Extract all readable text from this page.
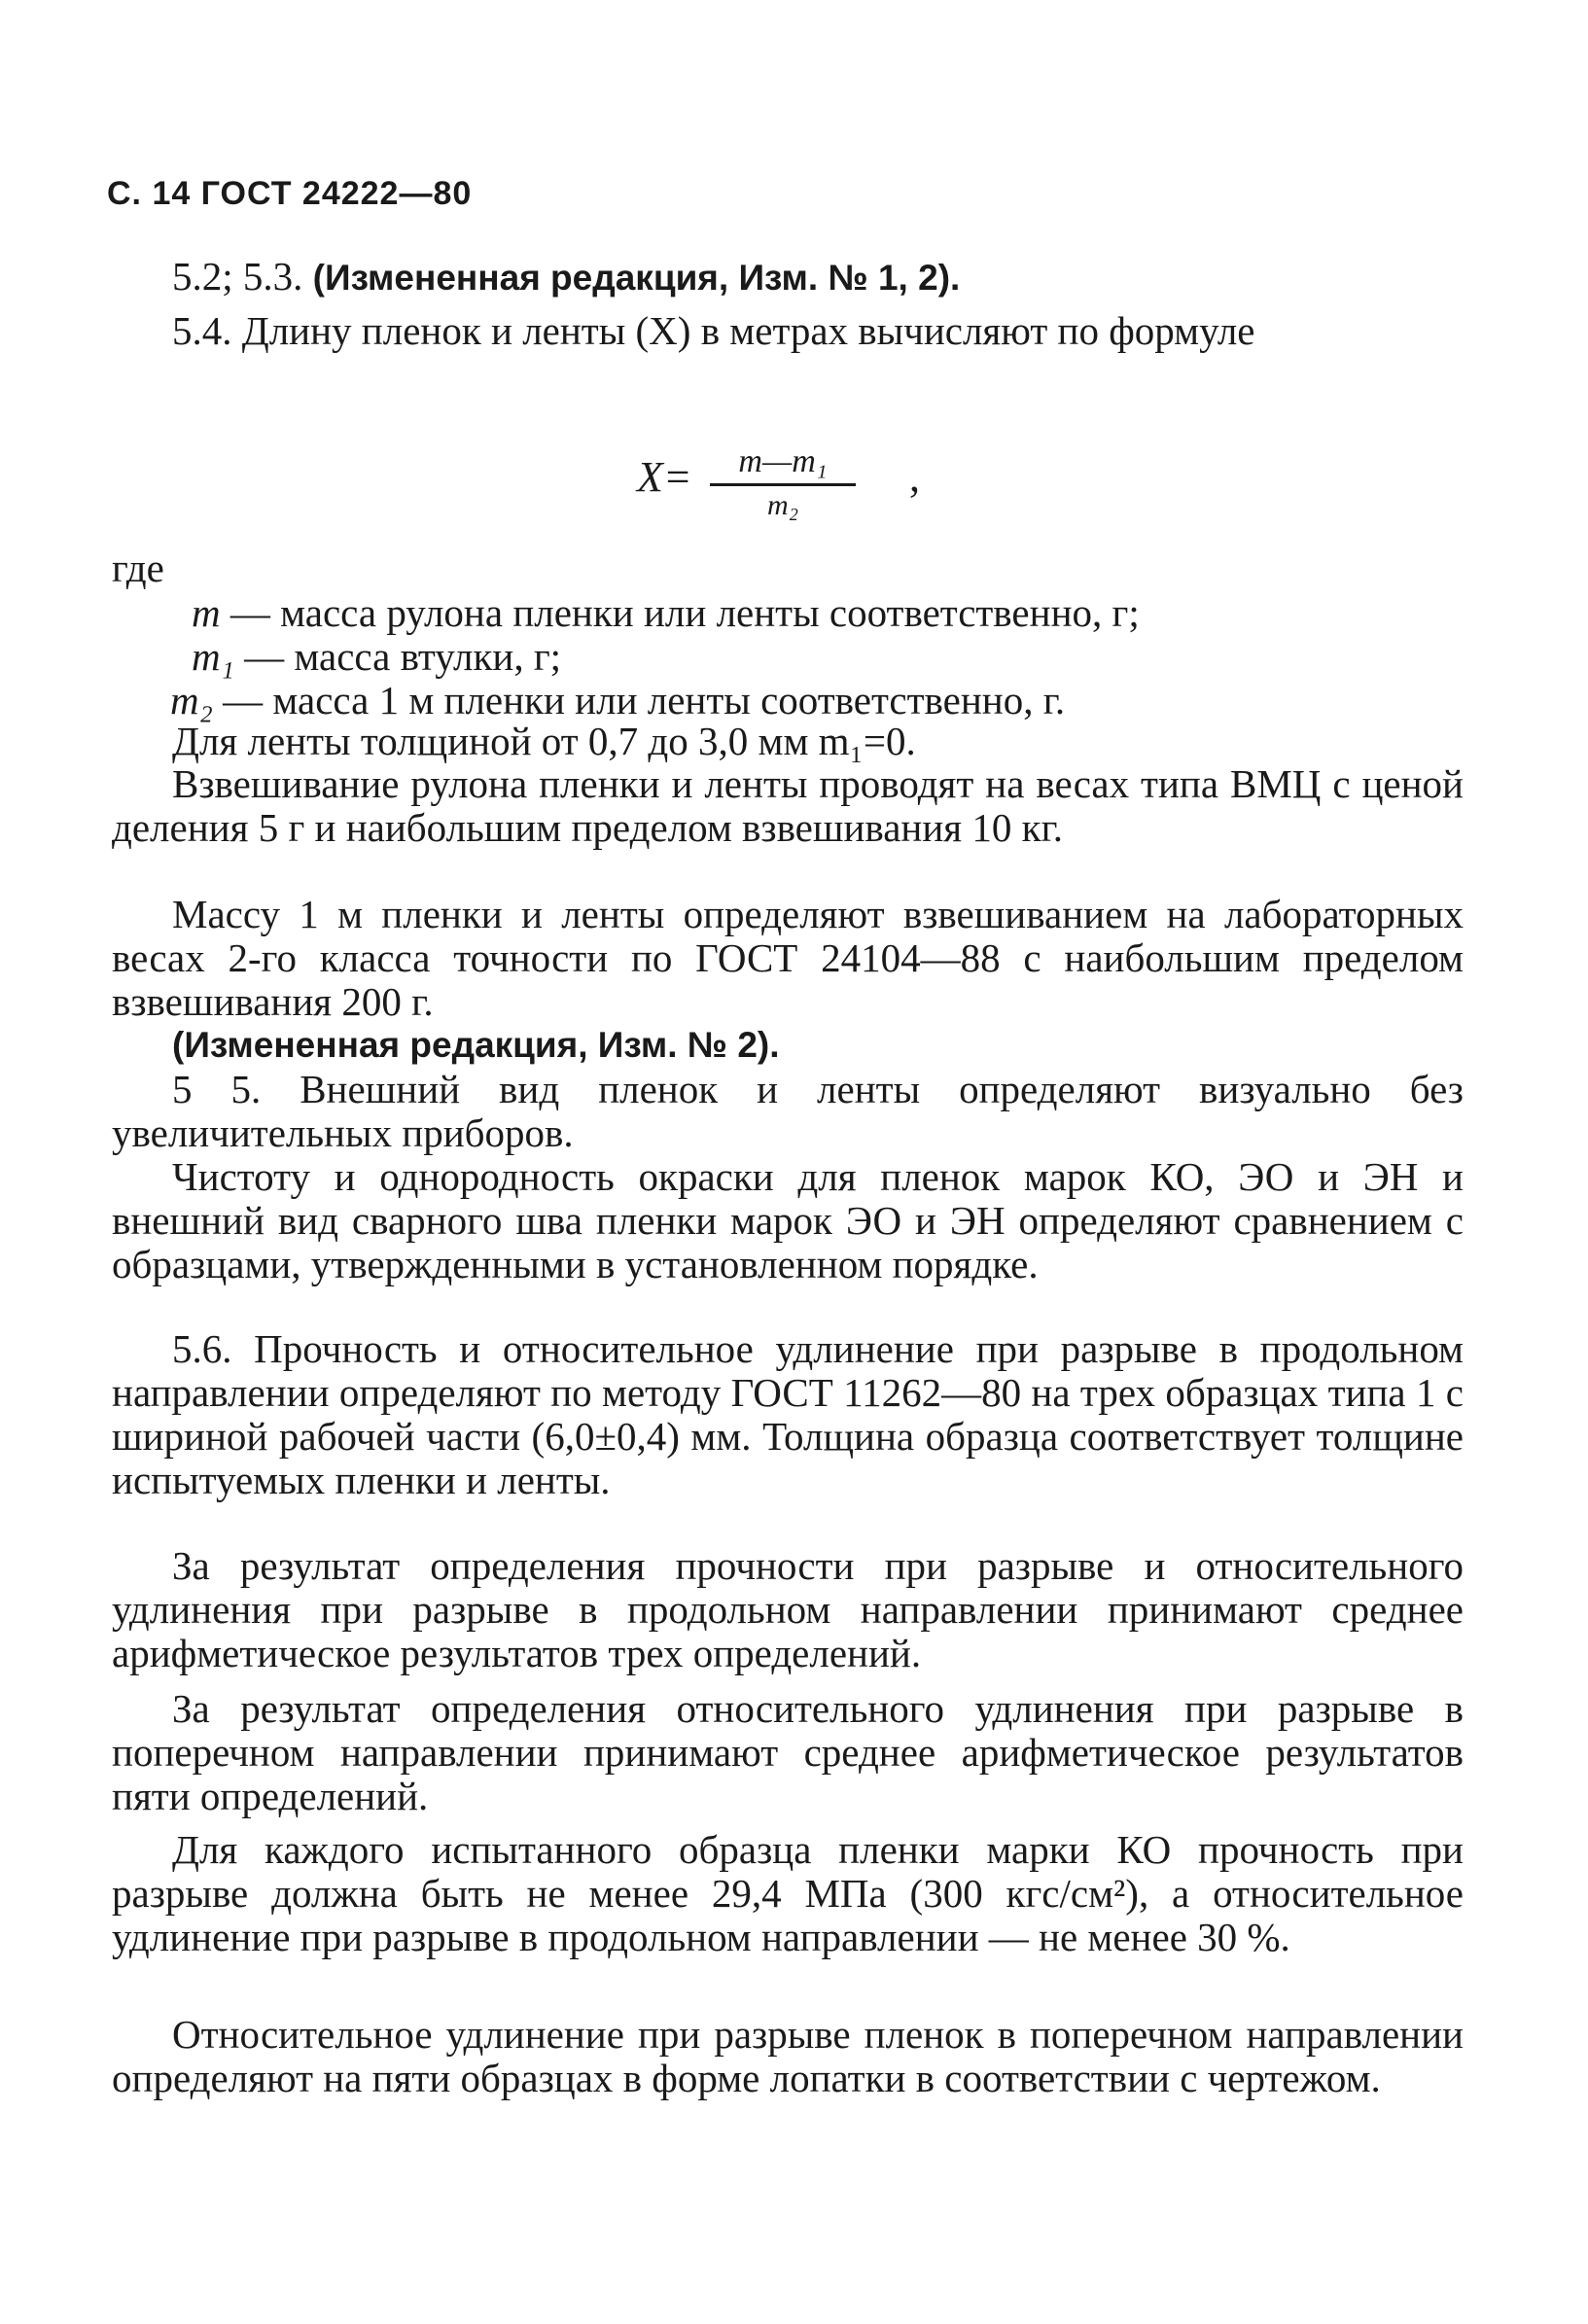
С. 14 ГОСТ 24222—80
5.2; 5.3. (Измененная редакция, Изм. № 1, 2).
5.4. Длину пленок и ленты (X) в метрах вычисляют по формуле
X=	m—m₁
m₂
,
где
m — масса рулона пленки или ленты соответственно, г;
m₁ — масса втулки, г;
m₂ — масса 1 м пленки или ленты соответственно, г.
Для ленты толщиной от 0,7 до 3,0 мм m₁=0.
Взвешивание рулона пленки и ленты проводят на весах типа ВМЦ с ценой деления 5 г и наибольшим пределом взвешивания 10 кг.
Массу 1 м пленки и ленты определяют взвешиванием на лабораторных весах 2-го класса точности по ГОСТ 24104—88 с наибольшим пределом взвешивания 200 г.
(Измененная редакция, Изм. № 2).
5 5. Внешний вид пленок и ленты определяют визуально без увеличительных приборов.
Чистоту и однородность окраски для пленок марок КО, ЭО и ЭН и внешний вид сварного шва пленки марок ЭО и ЭН определяют сравнением с образцами, утвержденными в установленном порядке.
5.6. Прочность и относительное удлинение при разрыве в продольном направлении определяют по методу ГОСТ 11262—80 на трех образцах типа 1 с шириной рабочей части (6,0±0,4) мм. Толщина образца соответствует толщине испытуемых пленки и ленты.
За результат определения прочности при разрыве и относительного удлинения при разрыве в продольном направлении принимают среднее арифметическое результатов трех определений.
За результат определения относительного удлинения при разрыве в поперечном направлении принимают среднее арифметическое результатов пяти определений.
Для каждого испытанного образца пленки марки КО прочность при разрыве должна быть не менее 29,4 МПа (300 кгс/см²), а относительное удлинение при разрыве в продольном направлении — не менее 30 %.
Относительное удлинение при разрыве пленок в поперечном направлении определяют на пяти образцах в форме лопатки в соответствии с чертежом.
